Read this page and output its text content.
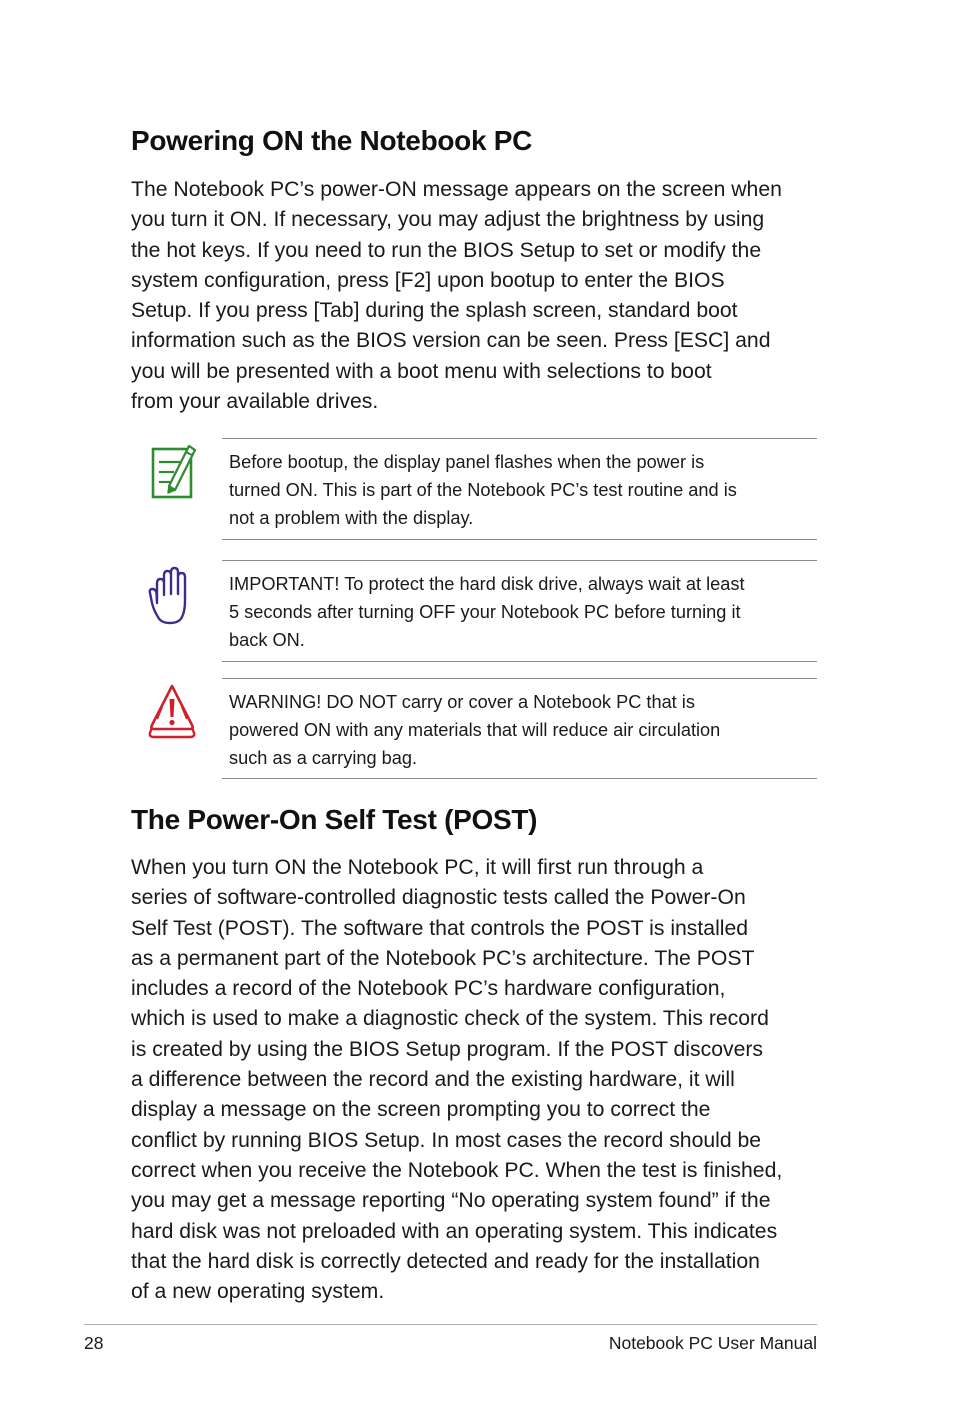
Powering ON the Notebook PC

The Notebook PC’s power-ON message appears on the screen when
you turn it ON. If necessary, you may adjust the brightness by using
the hot keys. If you need to run the BIOS Setup to set or modify the
system configuration, press [F2] upon bootup to enter the BIOS
Setup. If you press [Tab] during the splash screen, standard boot
information such as the BIOS version can be seen. Press [ESC] and
you will be presented with a boot menu with selections to boot
from your available drives.

Before bootup, the display panel flashes when the power is
turned ON. This is part of the Notebook PC’s test routine and is
not a problem with the display.

IMPORTANT! To protect the hard disk drive, always wait at least
5 seconds after turning OFF your Notebook PC before turning it
back ON.

WARNING! DO NOT carry or cover a Notebook PC that is
powered ON with any materials that will reduce air circulation
such as a carrying bag.

The Power-On Self Test (POST)

When you turn ON the Notebook PC, it will first run through a
series of software-controlled diagnostic tests called the Power-On
Self Test (POST). The software that controls the POST is installed
as a permanent part of the Notebook PC’s architecture. The POST
includes a record of the Notebook PC’s hardware configuration,
which is used to make a diagnostic check of the system. This record
is created by using the BIOS Setup program. If the POST discovers
a difference between the record and the existing hardware, it will
display a message on the screen prompting you to correct the
conflict by running BIOS Setup. In most cases the record should be
correct when you receive the Notebook PC. When the test is finished,
you may get a message reporting “No operating system found” if the
hard disk was not preloaded with an operating system. This indicates
that the hard disk is correctly detected and ready for the installation
of a new operating system.

28	Notebook PC User Manual
